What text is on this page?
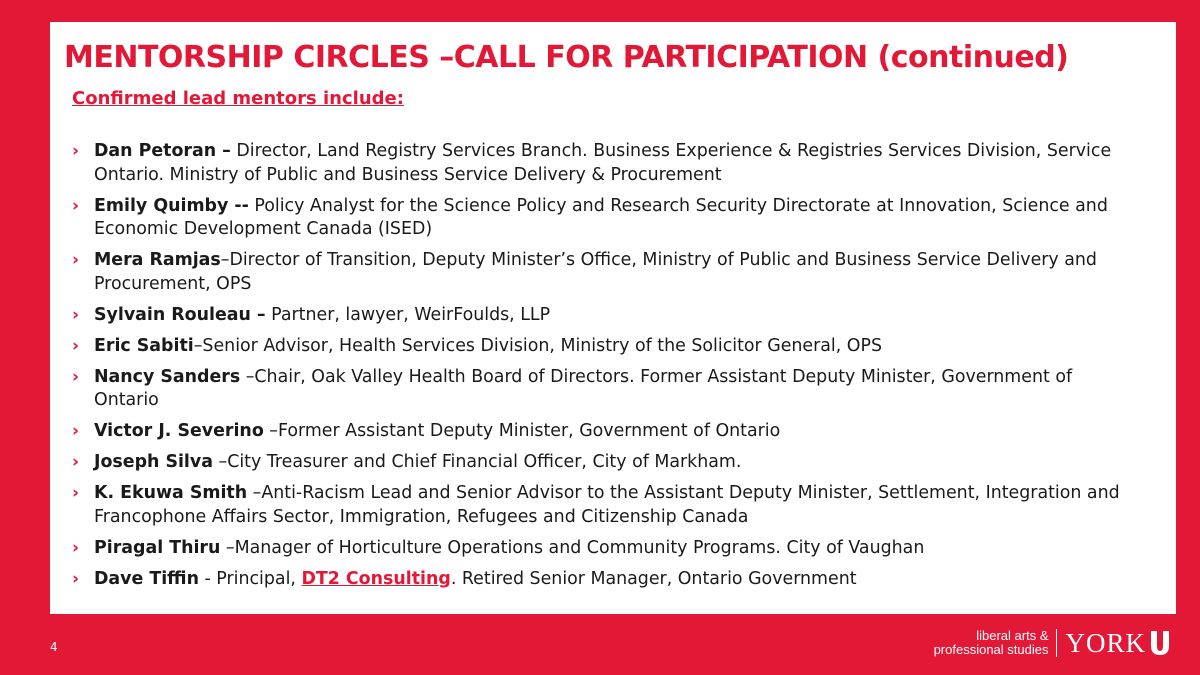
MENTORSHIP CIRCLES –CALL FOR PARTICIPATION (continued)
Confirmed lead mentors include:
› Dan Petoran – Director, Land Registry Services Branch. Business Experience & Registries Services Division, Service Ontario. Ministry of Public and Business Service Delivery & Procurement
› Emily Quimby -- Policy Analyst for the Science Policy and Research Security Directorate at Innovation, Science and Economic Development Canada (ISED)
› Mera Ramjas–Director of Transition, Deputy Minister’s Office, Ministry of Public and Business Service Delivery and Procurement, OPS
› Sylvain Rouleau – Partner, lawyer, WeirFoulds, LLP
› Eric Sabiti–Senior Advisor, Health Services Division, Ministry of the Solicitor General, OPS
› Nancy Sanders –Chair, Oak Valley Health Board of Directors. Former Assistant Deputy Minister, Government of Ontario
› Victor J. Severino –Former Assistant Deputy Minister, Government of Ontario
› Joseph Silva –City Treasurer and Chief Financial Officer, City of Markham.
› K. Ekuwa Smith –Anti-Racism Lead and Senior Advisor to the Assistant Deputy Minister, Settlement, Integration and Francophone Affairs Sector, Immigration, Refugees and Citizenship Canada
› Piragal Thiru –Manager of Horticulture Operations and Community Programs. City of Vaughan
› Dave Tiffin - Principal, DT2 Consulting. Retired Senior Manager, Ontario Government
4
liberal arts &
professional studies YORK
